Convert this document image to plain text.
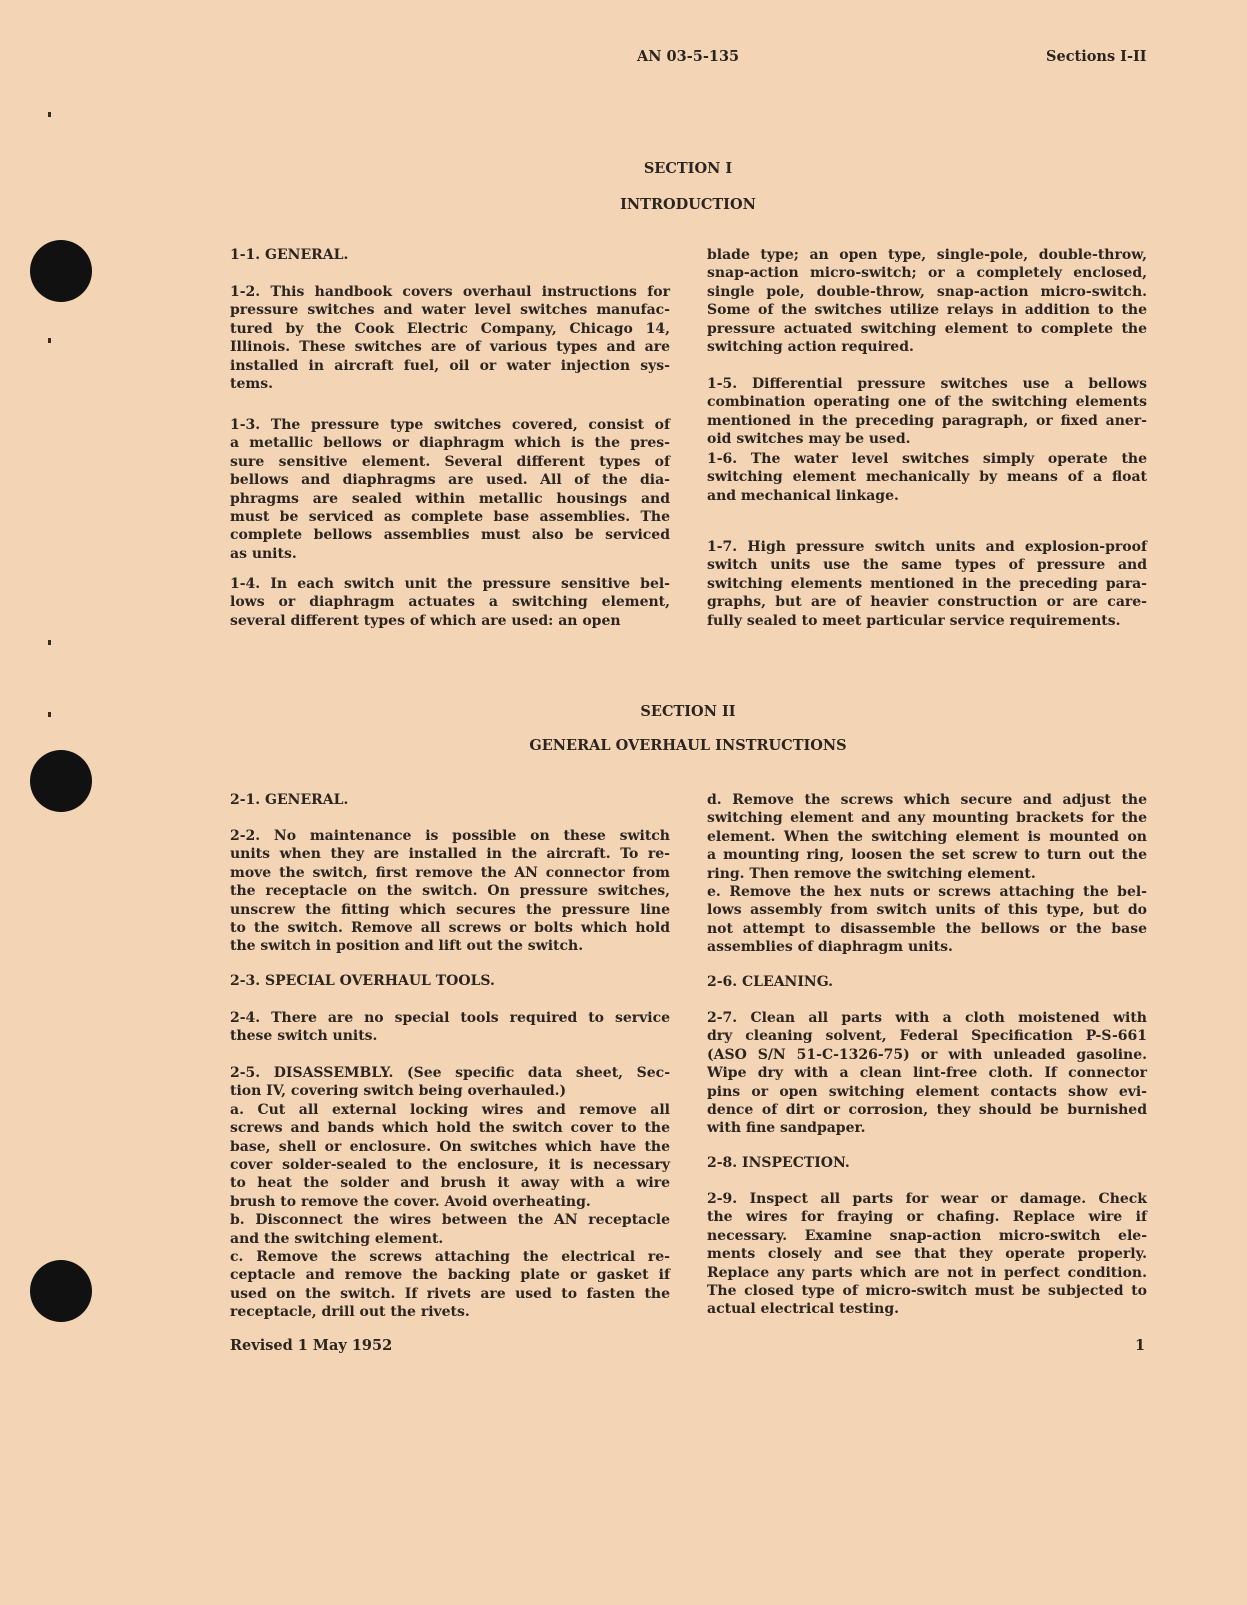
AN 03-5-135	Sections I-II
SECTION I
INTRODUCTION
SECTION II
GENERAL OVERHAUL INSTRUCTIONS
1-1. GENERAL.
1-2. This handbook covers overhaul instructions for
pressure switches and water level switches manufac-
tured by the Cook Electric Company, Chicago 14,
Illinois. These switches are of various types and are
installed in aircraft fuel, oil or water injection sys-
tems.
1-3. The pressure type switches covered, consist of
a metallic bellows or diaphragm which is the pres-
sure sensitive element. Several different types of
bellows and diaphragms are used. All of the dia-
phragms are sealed within metallic housings and
must be serviced as complete base assemblies. The
complete bellows assemblies must also be serviced
as units.
1-4. In each switch unit the pressure sensitive bel-
lows or diaphragm actuates a switching element,
several different types of which are used: an open
blade type; an open type, single-pole, double-throw,
snap-action micro-switch; or a completely enclosed,
single pole, double-throw, snap-action micro-switch.
Some of the switches utilize relays in addition to the
pressure actuated switching element to complete the
switching action required.
1-5. Differential pressure switches use a bellows
combination operating one of the switching elements
mentioned in the preceding paragraph, or fixed aner-
oid switches may be used.
1-6. The water level switches simply operate the
switching element mechanically by means of a float
and mechanical linkage.
1-7. High pressure switch units and explosion-proof
switch units use the same types of pressure and
switching elements mentioned in the preceding para-
graphs, but are of heavier construction or are care-
fully sealed to meet particular service requirements.
2-1. GENERAL.
2-2. No maintenance is possible on these switch
units when they are installed in the aircraft. To re-
move the switch, first remove the AN connector from
the receptacle on the switch. On pressure switches,
unscrew the fitting which secures the pressure line
to the switch. Remove all screws or bolts which hold
the switch in position and lift out the switch.
2-3. SPECIAL OVERHAUL TOOLS.
2-4. There are no special tools required to service
these switch units.
2-5. DISASSEMBLY. (See specific data sheet, Sec-
tion IV, covering switch being overhauled.)
a. Cut all external locking wires and remove all
screws and bands which hold the switch cover to the
base, shell or enclosure. On switches which have the
cover solder-sealed to the enclosure, it is necessary
to heat the solder and brush it away with a wire
brush to remove the cover. Avoid overheating.
b. Disconnect the wires between the AN receptacle
and the switching element.
c. Remove the screws attaching the electrical re-
ceptacle and remove the backing plate or gasket if
used on the switch. If rivets are used to fasten the
receptacle, drill out the rivets.
d. Remove the screws which secure and adjust the
switching element and any mounting brackets for the
element. When the switching element is mounted on
a mounting ring, loosen the set screw to turn out the
ring. Then remove the switching element.
e. Remove the hex nuts or screws attaching the bel-
lows assembly from switch units of this type, but do
not attempt to disassemble the bellows or the base
assemblies of diaphragm units.
2-6. CLEANING.
2-7. Clean all parts with a cloth moistened with
dry cleaning solvent, Federal Specification P-S-661
(ASO S/N 51-C-1326-75) or with unleaded gasoline.
Wipe dry with a clean lint-free cloth. If connector
pins or open switching element contacts show evi-
dence of dirt or corrosion, they should be burnished
with fine sandpaper.
2-8. INSPECTION.
2-9. Inspect all parts for wear or damage. Check
the wires for fraying or chafing. Replace wire if
necessary. Examine snap-action micro-switch ele-
ments closely and see that they operate properly.
Replace any parts which are not in perfect condition.
The closed type of micro-switch must be subjected to
actual electrical testing.
Revised 1 May 1952	1
